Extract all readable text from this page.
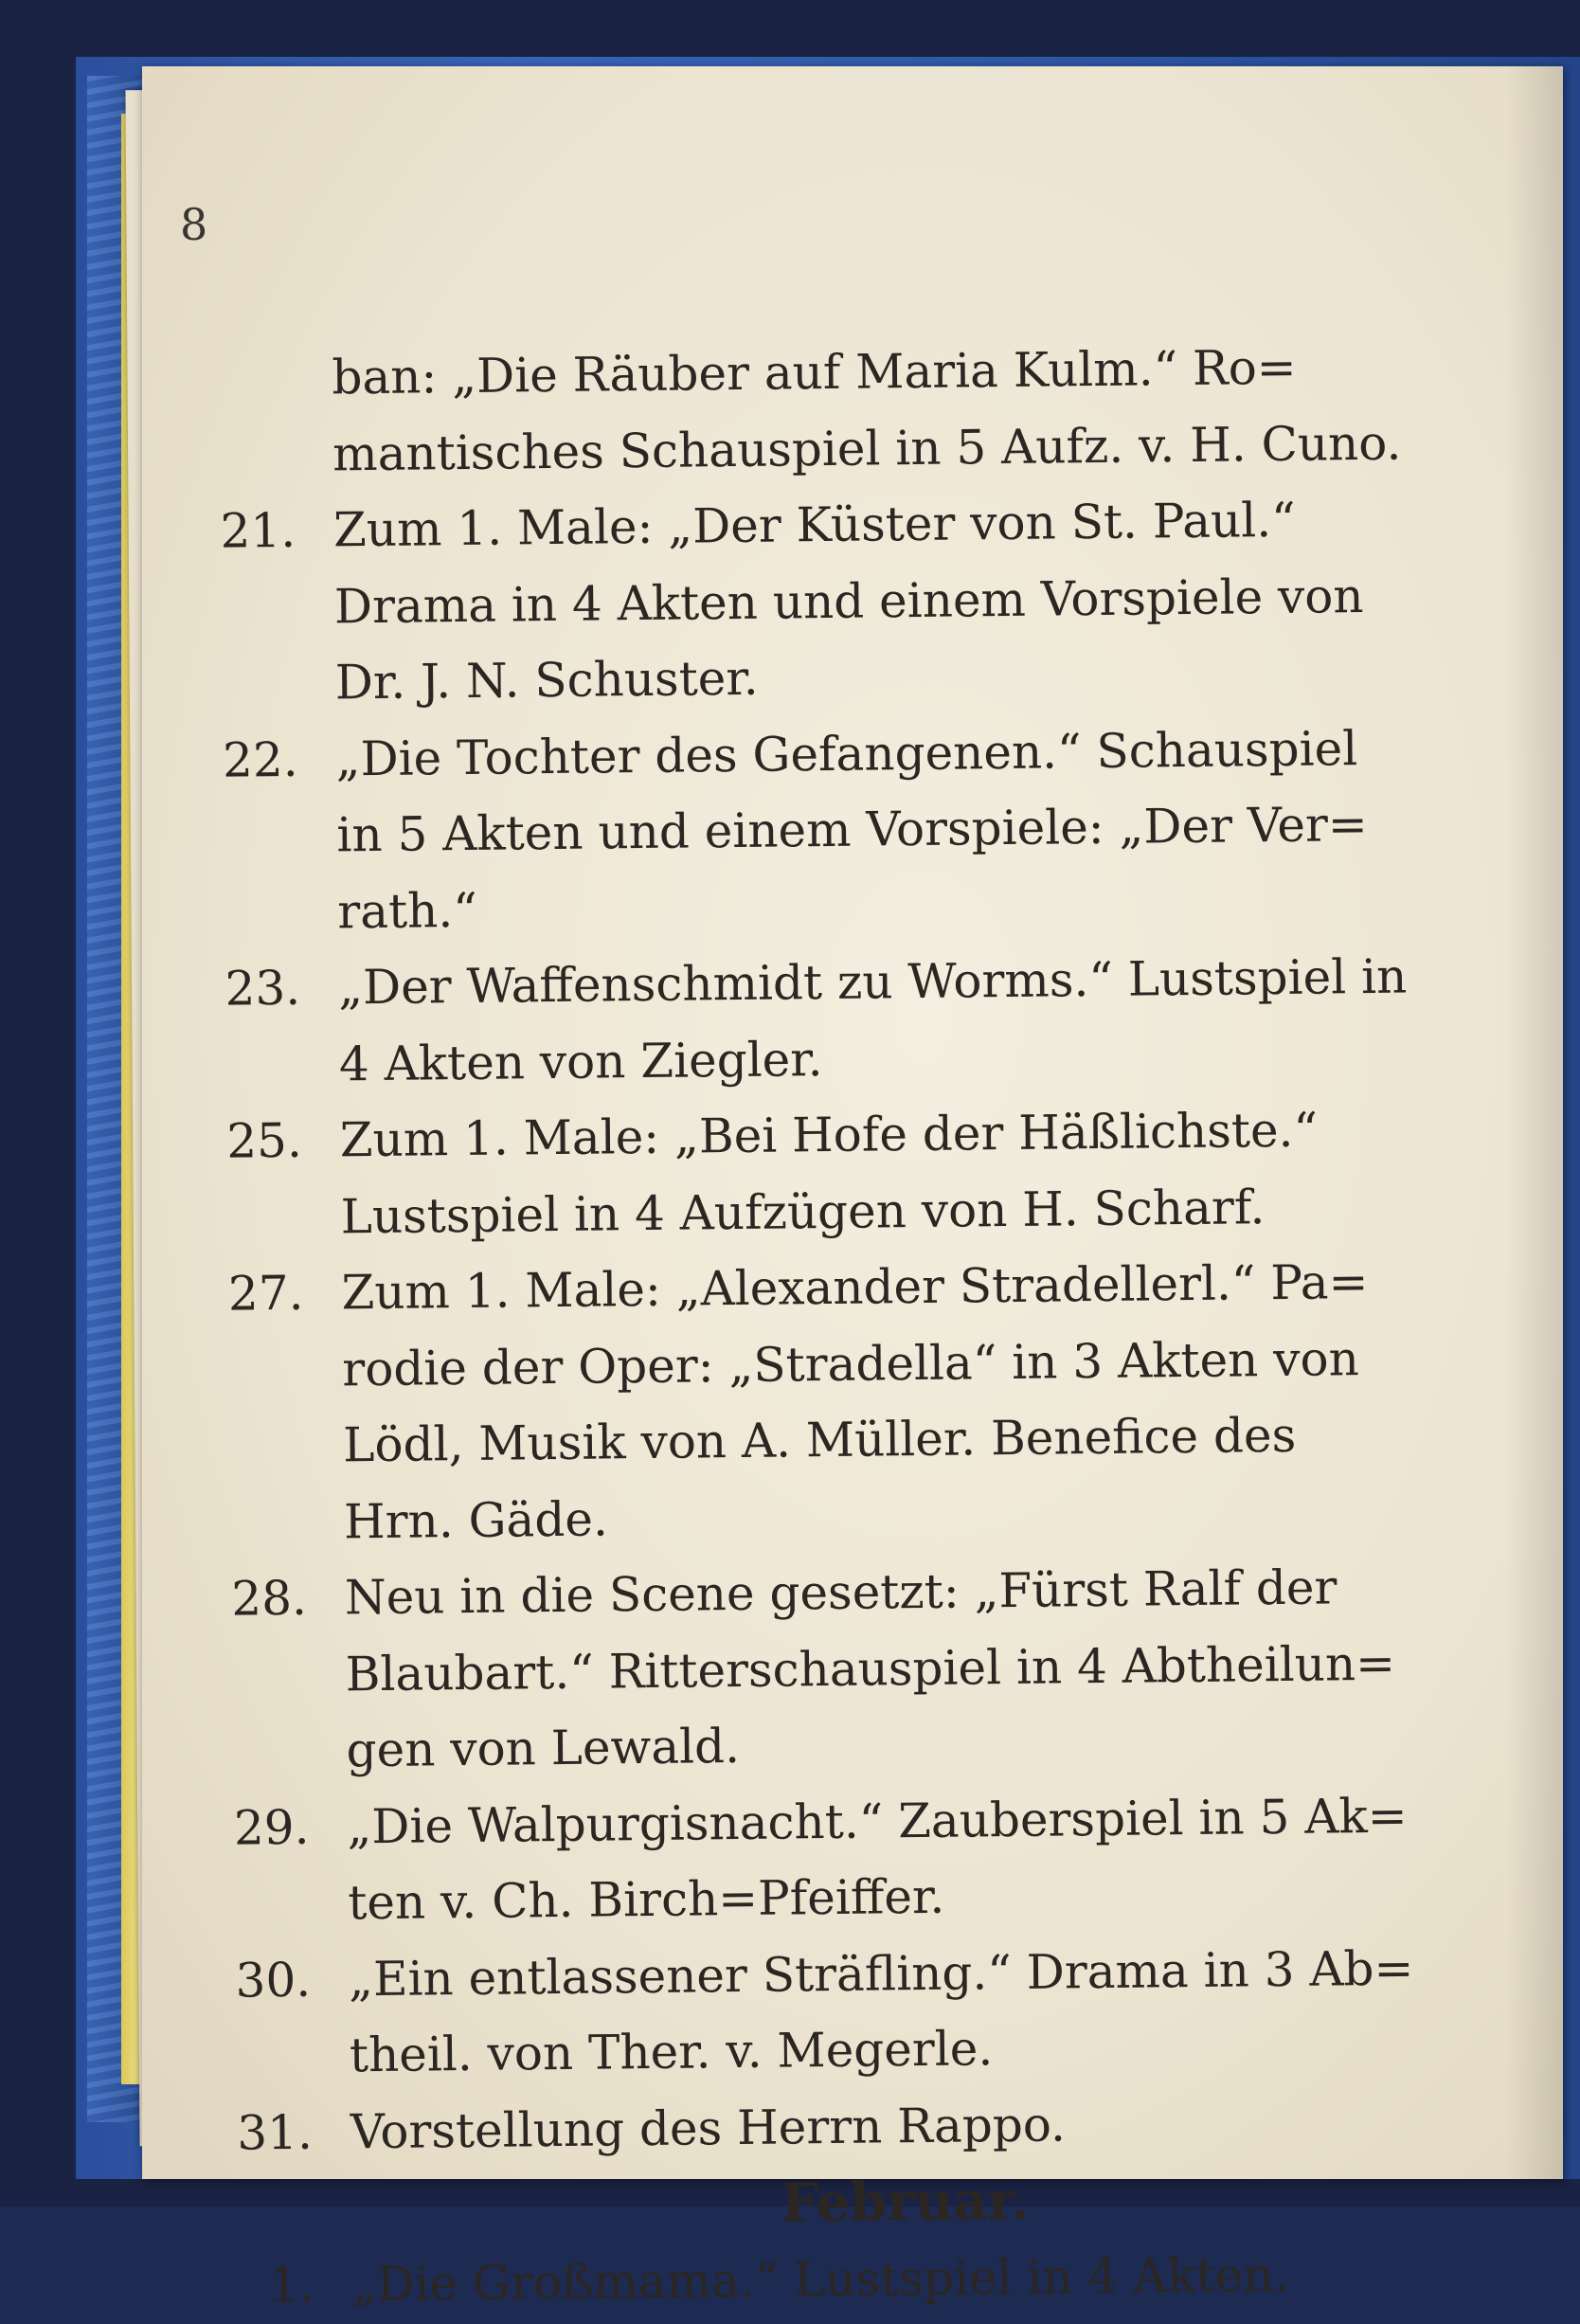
8
ban: „Die Räuber auf Maria Kulm.“ Ro=
mantisches Schauspiel in 5 Aufz. v. H. Cuno.
21. Zum 1. Male: „Der Küster von St. Paul.“
Drama in 4 Akten und einem Vorspiele von
Dr. J. N. Schuster.
22. „Die Tochter des Gefangenen.“ Schauspiel
in 5 Akten und einem Vorspiele: „Der Ver=
rath.“
23. „Der Waffenschmidt zu Worms.“ Lustspiel in
4 Akten von Ziegler.
25. Zum 1. Male: „Bei Hofe der Häßlichste.“
Lustspiel in 4 Aufzügen von H. Scharf.
27. Zum 1. Male: „Alexander Stradellerl.“ Pa=
rodie der Oper: „Stradella“ in 3 Akten von
Lödl, Musik von A. Müller. Benefice des
Hrn. Gäde.
28. Neu in die Scene gesetzt: „Fürst Ralf der
Blaubart.“ Ritterschauspiel in 4 Abtheilun=
gen von Lewald.
29. „Die Walpurgisnacht.“ Zauberspiel in 5 Ak=
ten v. Ch. Birch=Pfeiffer.
30. „Ein entlassener Sträfling.“ Drama in 3 Ab=
theil. von Ther. v. Megerle.
31. Vorstellung des Herrn Rappo.
Februar.
1. „Die Großmama.“ Lustspiel in 4 Akten.
